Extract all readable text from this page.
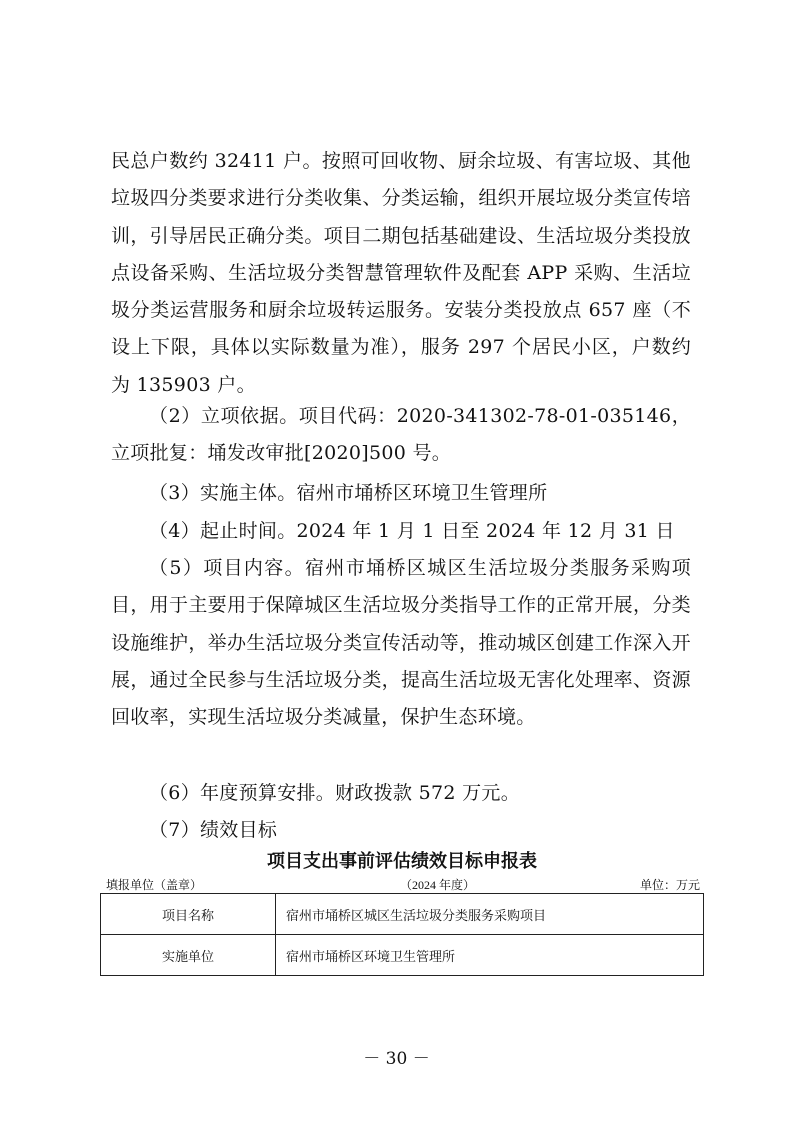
民总户数约 32411 户。按照可回收物、厨余垃圾、有害垃圾、其他垃圾四分类要求进行分类收集、分类运输，组织开展垃圾分类宣传培训，引导居民正确分类。项目二期包括基础建设、生活垃圾分类投放点设备采购、生活垃圾分类智慧管理软件及配套 APP 采购、生活垃圾分类运营服务和厨余垃圾转运服务。安装分类投放点 657 座（不设上下限，具体以实际数量为准），服务 297 个居民小区，户数约为 135903 户。

（2）立项依据。项目代码：2020-341302-78-01-035146，立项批复：埇发改审批[2020]500 号。

（3）实施主体。宿州市埇桥区环境卫生管理所

（4）起止时间。2024 年 1 月 1 日至 2024 年 12 月 31 日

（5）项目内容。宿州市埇桥区城区生活垃圾分类服务采购项目，用于主要用于保障城区生活垃圾分类指导工作的正常开展，分类设施维护，举办生活垃圾分类宣传活动等，推动城区创建工作深入开展，通过全民参与生活垃圾分类，提高生活垃圾无害化处理率、资源回收率，实现生活垃圾分类减量，保护生态环境。

（6）年度预算安排。财政拨款 572 万元。

（7）绩效目标

项目支出事前评估绩效目标申报表
填报单位（盖章）	（2024 年度）	单位：万元
项目名称	宿州市埇桥区城区生活垃圾分类服务采购项目
实施单位	宿州市埇桥区环境卫生管理所

－ 30 －
